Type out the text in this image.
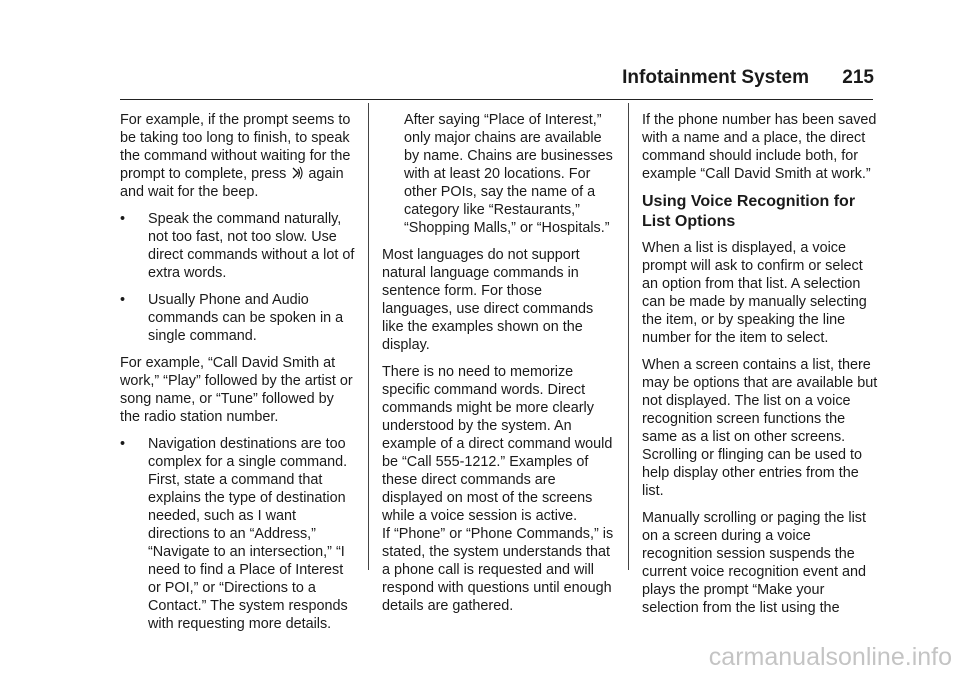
Infotainment System 215

For example, if the prompt seems to be taking too long to finish, to speak the command without waiting for the prompt to complete, press again and wait for the beep.

• Speak the command naturally, not too fast, not too slow. Use direct commands without a lot of extra words.
• Usually Phone and Audio commands can be spoken in a single command.

For example, “Call David Smith at work,” “Play” followed by the artist or song name, or “Tune” followed by the radio station number.

• Navigation destinations are too complex for a single command. First, state a command that explains the type of destination needed, such as I want directions to an “Address,” “Navigate to an intersection,” “I need to find a Place of Interest or POI,” or “Directions to a Contact.” The system responds with requesting more details.

After saying “Place of Interest,” only major chains are available by name. Chains are businesses with at least 20 locations. For other POIs, say the name of a category like “Restaurants,” “Shopping Malls,” or “Hospitals.”

Most languages do not support natural language commands in sentence form. For those languages, use direct commands like the examples shown on the display.

There is no need to memorize specific command words. Direct commands might be more clearly understood by the system. An example of a direct command would be “Call 555-1212.” Examples of these direct commands are displayed on most of the screens while a voice session is active.

If “Phone” or “Phone Commands,” is stated, the system understands that a phone call is requested and will respond with questions until enough details are gathered.

If the phone number has been saved with a name and a place, the direct command should include both, for example “Call David Smith at work.”

Using Voice Recognition for List Options

When a list is displayed, a voice prompt will ask to confirm or select an option from that list. A selection can be made by manually selecting the item, or by speaking the line number for the item to select.

When a screen contains a list, there may be options that are available but not displayed. The list on a voice recognition screen functions the same as a list on other screens. Scrolling or flinging can be used to help display other entries from the list.

Manually scrolling or paging the list on a screen during a voice recognition session suspends the current voice recognition event and plays the prompt “Make your selection from the list using the

carmanualsonline.info
